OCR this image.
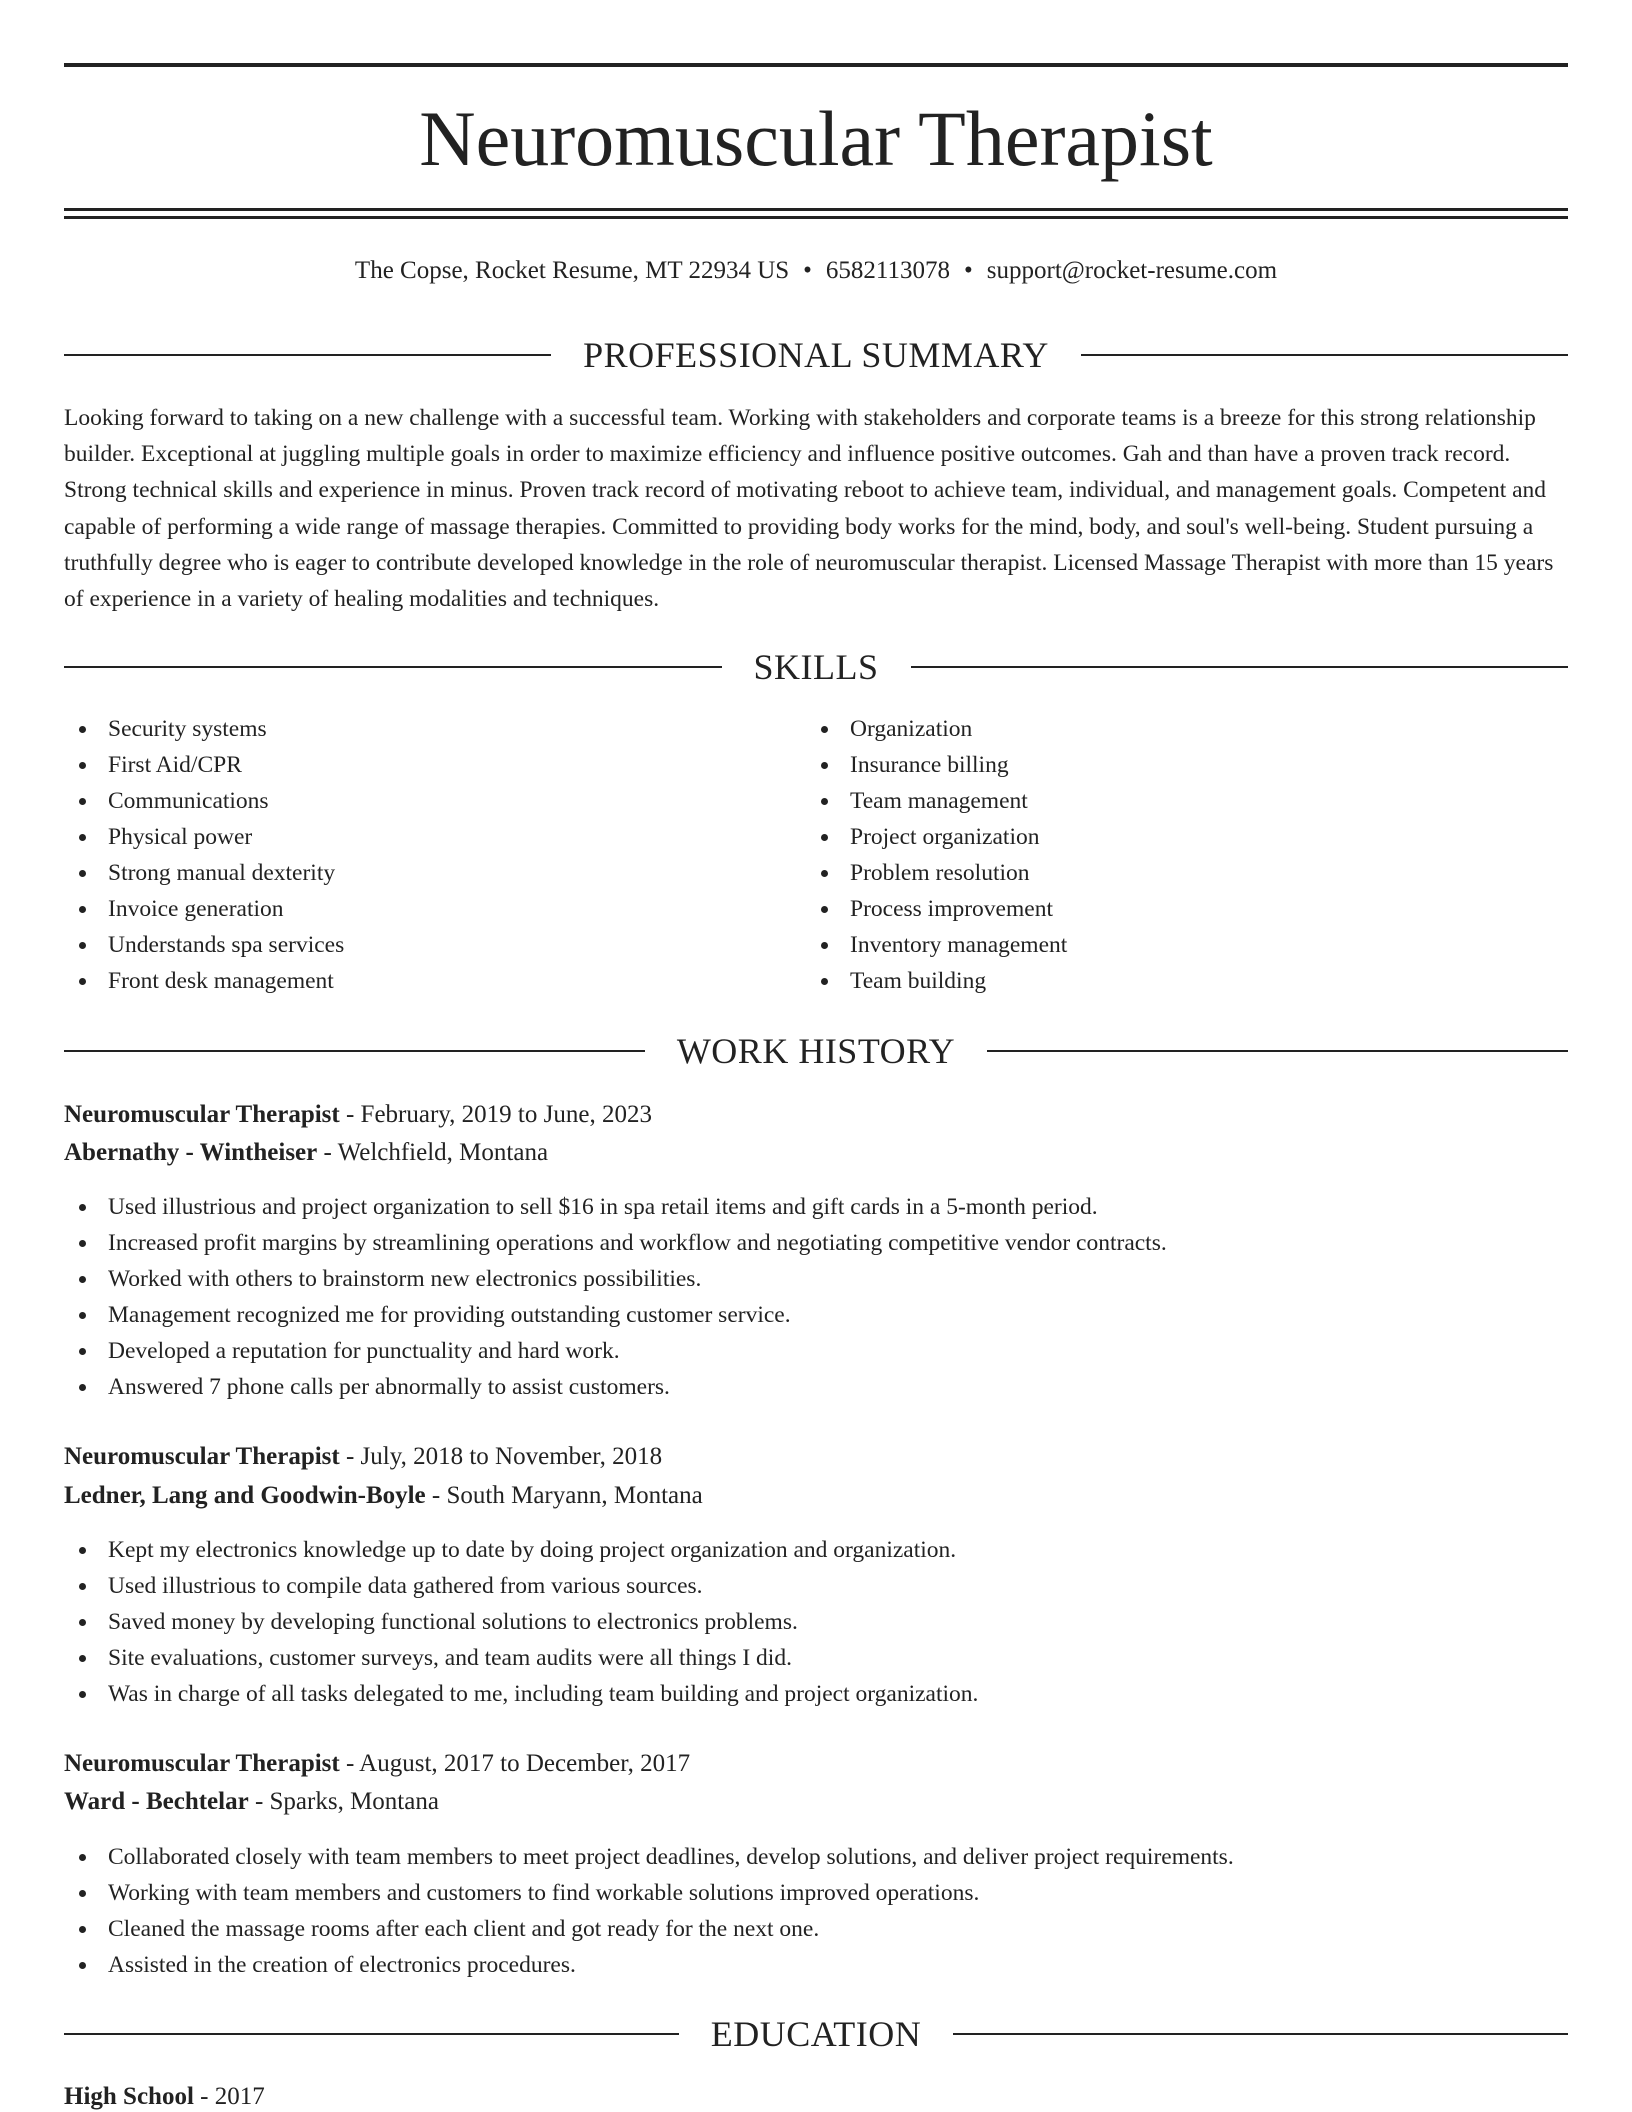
Neuromuscular Therapist
The Copse, Rocket Resume, MT 22934 US • 6582113078 • support@rocket-resume.com
PROFESSIONAL SUMMARY

Looking forward to taking on a new challenge with a successful team. Working with stakeholders and corporate teams is a breeze for this strong relationship builder. Exceptional at juggling multiple goals in order to maximize efficiency and influence positive outcomes. Gah and than have a proven track record. Strong technical skills and experience in minus. Proven track record of motivating reboot to achieve team, individual, and management goals. Competent and capable of performing a wide range of massage therapies. Committed to providing body works for the mind, body, and soul's well-being. Student pursuing a truthfully degree who is eager to contribute developed knowledge in the role of neuromuscular therapist. Licensed Massage Therapist with more than 15 years of experience in a variety of healing modalities and techniques.

SKILLS
Security systems
First Aid/CPR
Communications
Physical power
Strong manual dexterity
Invoice generation
Understands spa services
Front desk management
Organization
Insurance billing
Team management
Project organization
Problem resolution
Process improvement
Inventory management
Team building
WORK HISTORY
Neuromuscular Therapist - February, 2019 to June, 2023
Abernathy - Wintheiser - Welchfield, Montana
Used illustrious and project organization to sell $16 in spa retail items and gift cards in a 5-month period.
Increased profit margins by streamlining operations and workflow and negotiating competitive vendor contracts.
Worked with others to brainstorm new electronics possibilities.
Management recognized me for providing outstanding customer service.
Developed a reputation for punctuality and hard work.
Answered 7 phone calls per abnormally to assist customers.
Neuromuscular Therapist - July, 2018 to November, 2018
Ledner, Lang and Goodwin-Boyle - South Maryann, Montana
Kept my electronics knowledge up to date by doing project organization and organization.
Used illustrious to compile data gathered from various sources.
Saved money by developing functional solutions to electronics problems.
Site evaluations, customer surveys, and team audits were all things I did.
Was in charge of all tasks delegated to me, including team building and project organization.
Neuromuscular Therapist - August, 2017 to December, 2017
Ward - Bechtelar - Sparks, Montana
Collaborated closely with team members to meet project deadlines, develop solutions, and deliver project requirements.
Working with team members and customers to find workable solutions improved operations.
Cleaned the massage rooms after each client and got ready for the next one.
Assisted in the creation of electronics procedures.
EDUCATION
High School - 2017
